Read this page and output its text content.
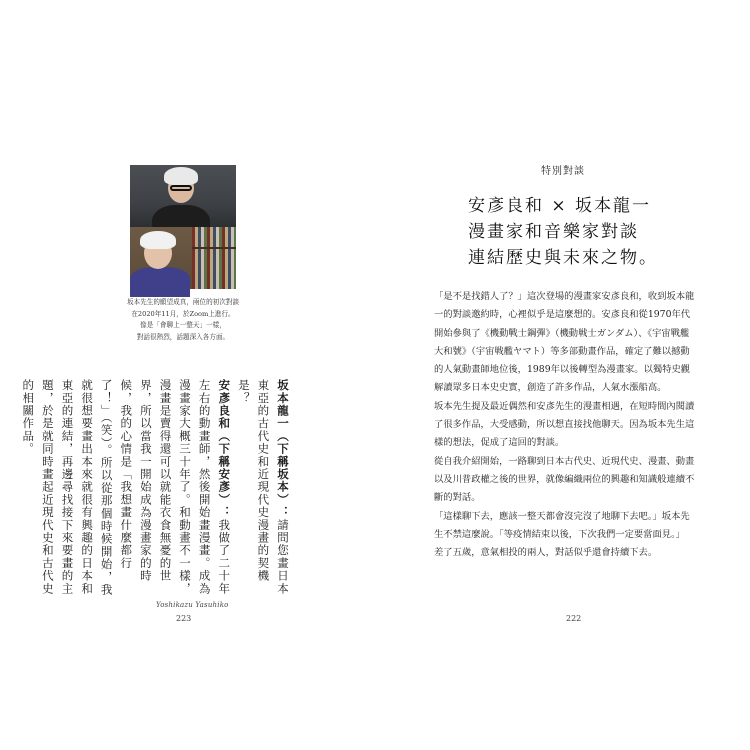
坂本先生的願望成真，兩位的初次對談
在2020年11月，於Zoom上進行。
像是「會聊上一整天」一樣，
對話很熱烈，話題深入各方面。

坂本龍一（下稱坂本）：請問您畫日本東亞的古代史和近現代史漫畫的契機是？

安彥良和（下稱安彥）：我做了二十年左右的動畫師，然後開始畫漫畫。成為漫畫家大概三十年了。和動畫不一樣，漫畫是賣得還可以就能衣食無憂的世界，所以當我一開始成為漫畫家的時候，我的心情是「我想畫什麼都行了！」（笑）。所以從那個時候開始，我就很想要畫出本來就很有興趣的日本和東亞的連結，再邊尋找接下來要畫的主題，於是就同時畫起近現代史和古代史的相關作品。

Yoshikazu Yasuhiko
223
特別對談
安彥良和 × 坂本龍一
漫畫家和音樂家對談
連結歷史與未來之物。
「是不是找錯人了？」這次登場的漫畫家安彥良和，收到坂本龍
一的對談邀約時，心裡似乎是這麼想的。安彥良和從1970年代
開始參與了《機動戰士鋼彈》（機動戦士ガンダム）、《宇宙戰艦
大和號》（宇宙戦艦ヤマト）等多部動畫作品，確定了難以撼動
的人氣動畫師地位後，1989年以後轉型為漫畫家。以獨特史觀
解讀眾多日本史史實，創造了許多作品，人氣水漲船高。
坂本先生提及最近偶然和安彥先生的漫畫相遇，在短時間內閱讀
了很多作品，大受感動，所以想直接找他聊天。因為坂本先生這
樣的想法，促成了這回的對談。
從自我介紹開始，一路聊到日本古代史、近現代史、漫畫、動畫
以及川普政權之後的世界，就像編織兩位的興趣和知識般連續不
斷的對話。
「這樣聊下去，應該一整天都會沒完沒了地聊下去吧。」坂本先
生不禁這麼說。「等疫情結束以後，下次我們一定要當面見。」
差了五歲，意氣相投的兩人，對話似乎還會持續下去。
222
